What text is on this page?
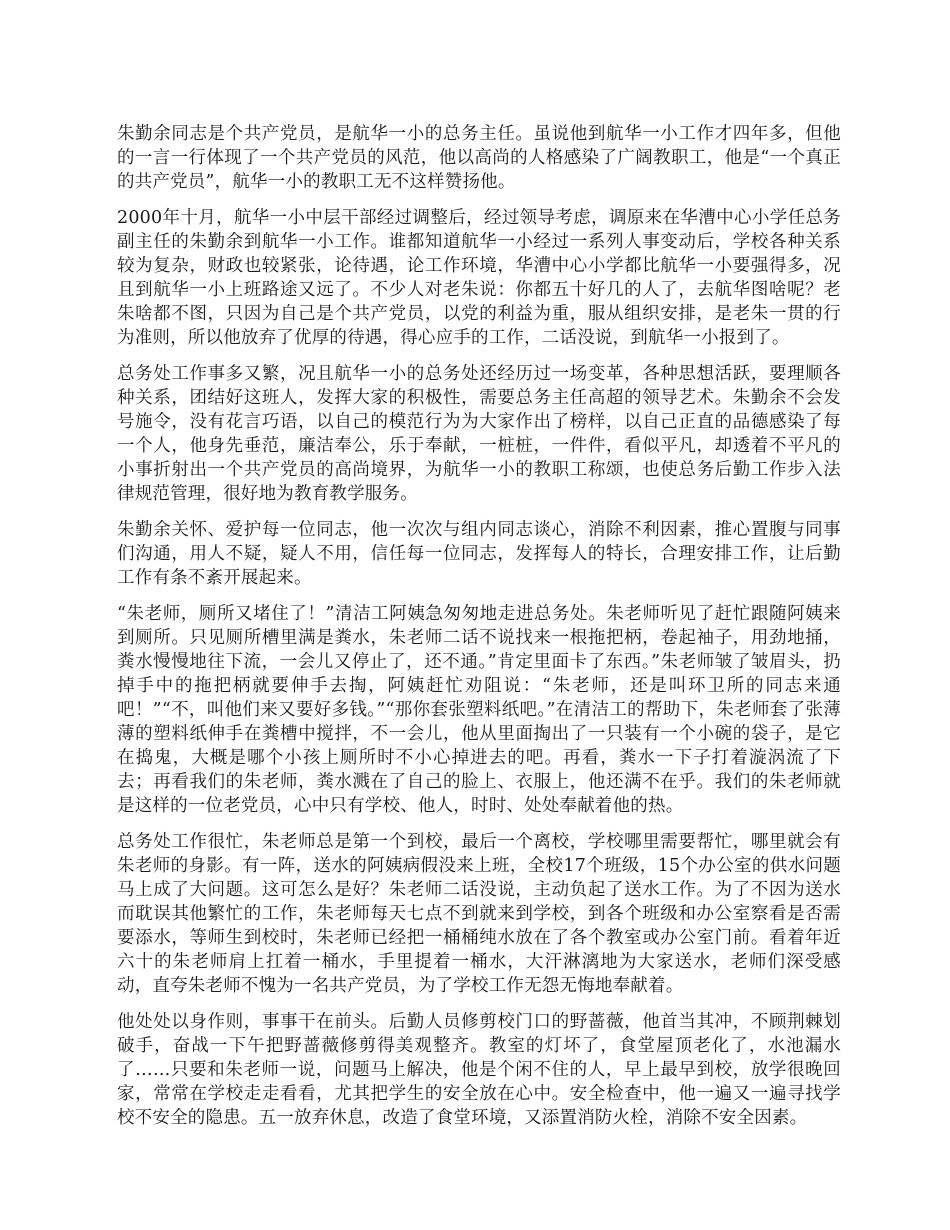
朱勤余同志是个共产党员，是航华一小的总务主任。虽说他到航华一小工作才四年多，但他的一言一行体现了一个共产党员的风范，他以高尚的人格感染了广阔教职工，他是“一个真正的共产党员”，航华一小的教职工无不这样赞扬他。

2000年十月，航华一小中层干部经过调整后，经过领导考虑，调原来在华漕中心小学任总务副主任的朱勤余到航华一小工作。谁都知道航华一小经过一系列人事变动后，学校各种关系较为复杂，财政也较紧张，论待遇，论工作环境，华漕中心小学都比航华一小要强得多，况且到航华一小上班路途又远了。不少人对老朱说：你都五十好几的人了，去航华图啥呢？老朱啥都不图，只因为自己是个共产党员，以党的利益为重，服从组织安排，是老朱一贯的行为准则，所以他放弃了优厚的待遇，得心应手的工作，二话没说，到航华一小报到了。

总务处工作事多又繁，况且航华一小的总务处还经历过一场变革，各种思想活跃，要理顺各种关系，团结好这班人，发挥大家的积极性，需要总务主任高超的领导艺术。朱勤余不会发号施令，没有花言巧语，以自己的模范行为为大家作出了榜样，以自己正直的品德感染了每一个人，他身先垂范，廉洁奉公，乐于奉献，一桩桩，一件件，看似平凡，却透着不平凡的小事折射出一个共产党员的高尚境界，为航华一小的教职工称颂，也使总务后勤工作步入法律规范管理，很好地为教育教学服务。

朱勤余关怀、爱护每一位同志，他一次次与组内同志谈心，消除不利因素，推心置腹与同事们沟通，用人不疑，疑人不用，信任每一位同志，发挥每人的特长，合理安排工作，让后勤工作有条不紊开展起来。

“朱老师，厕所又堵住了！”清洁工阿姨急匆匆地走进总务处。朱老师听见了赶忙跟随阿姨来到厕所。只见厕所槽里满是粪水，朱老师二话不说找来一根拖把柄，卷起袖子，用劲地捅，粪水慢慢地往下流，一会儿又停止了，还不通。”肯定里面卡了东西。”朱老师皱了皱眉头，扔掉手中的拖把柄就要伸手去掏，阿姨赶忙劝阻说：“朱老师，还是叫环卫所的同志来通吧！”“不，叫他们来又要好多钱。”“那你套张塑料纸吧。”在清洁工的帮助下，朱老师套了张薄薄的塑料纸伸手在粪槽中搅拌，不一会儿，他从里面掏出了一只装有一个小碗的袋子，是它在捣鬼，大概是哪个小孩上厕所时不小心掉进去的吧。再看，粪水一下子打着漩涡流了下去；再看我们的朱老师，粪水溅在了自己的脸上、衣服上，他还满不在乎。我们的朱老师就是这样的一位老党员，心中只有学校、他人，时时、处处奉献着他的热。

总务处工作很忙，朱老师总是第一个到校，最后一个离校，学校哪里需要帮忙，哪里就会有朱老师的身影。有一阵，送水的阿姨病假没来上班，全校17个班级，15个办公室的供水问题马上成了大问题。这可怎么是好？朱老师二话没说，主动负起了送水工作。为了不因为送水而耽误其他繁忙的工作，朱老师每天七点不到就来到学校，到各个班级和办公室察看是否需要添水，等师生到校时，朱老师已经把一桶桶纯水放在了各个教室或办公室门前。看着年近六十的朱老师肩上扛着一桶水，手里提着一桶水，大汗淋漓地为大家送水，老师们深受感动，直夸朱老师不愧为一名共产党员，为了学校工作无怨无悔地奉献着。

他处处以身作则，事事干在前头。后勤人员修剪校门口的野蔷薇，他首当其冲，不顾荆棘划破手，奋战一下午把野蔷薇修剪得美观整齐。教室的灯坏了，食堂屋顶老化了，水池漏水了……只要和朱老师一说，问题马上解决，他是个闲不住的人，早上最早到校，放学很晚回家，常常在学校走走看看，尤其把学生的安全放在心中。安全检查中，他一遍又一遍寻找学校不安全的隐患。五一放弃休息，改造了食堂环境，又添置消防火栓，消除不安全因素。
